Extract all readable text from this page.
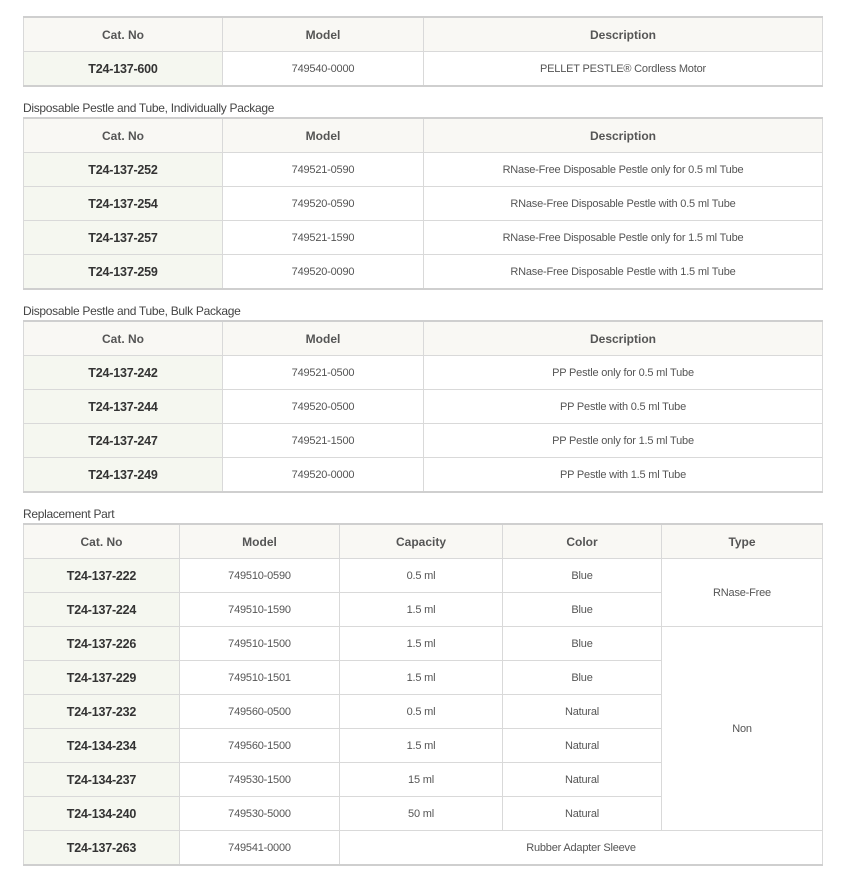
Cat. No	Model	Description
T24-137-600	749540-0000	PELLET PESTLE® Cordless Motor
Disposable Pestle and Tube, Individually Package
Cat. No	Model	Description
T24-137-252	749521-0590	RNase-Free Disposable Pestle only for 0.5 ml Tube
T24-137-254	749520-0590	RNase-Free Disposable Pestle with 0.5 ml Tube
T24-137-257	749521-1590	RNase-Free Disposable Pestle only for 1.5 ml Tube
T24-137-259	749520-0090	RNase-Free Disposable Pestle with 1.5 ml Tube
Disposable Pestle and Tube, Bulk Package
Cat. No	Model	Description
T24-137-242	749521-0500	PP Pestle only for 0.5 ml Tube
T24-137-244	749520-0500	PP Pestle with 0.5 ml Tube
T24-137-247	749521-1500	PP Pestle only for 1.5 ml Tube
T24-137-249	749520-0000	PP Pestle with 1.5 ml Tube
Replacement Part
Cat. No	Model	Capacity	Color	Type
T24-137-222	749510-0590	0.5 ml	Blue	RNase-Free
T24-137-224	749510-1590	1.5 ml	Blue	
T24-137-226	749510-1500	1.5 ml	Blue	Non
T24-137-229	749510-1501	1.5 ml	Blue	
T24-137-232	749560-0500	0.5 ml	Natural	
T24-134-234	749560-1500	1.5 ml	Natural	
T24-134-237	749530-1500	15 ml	Natural	
T24-134-240	749530-5000	50 ml	Natural	
T24-137-263	749541-0000	Rubber Adapter Sleeve		
